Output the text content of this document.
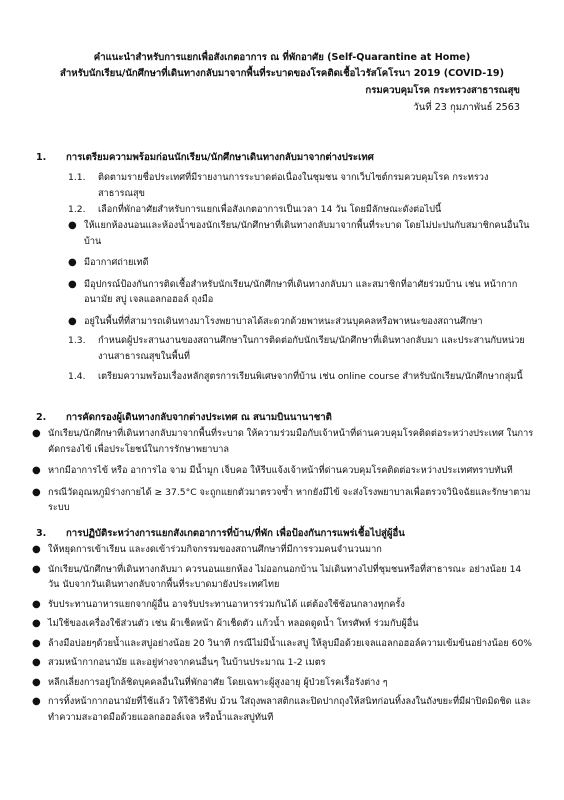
คำแนะนำสำหรับการแยกเพื่อสังเกตอาการ ณ ที่พักอาศัย (Self-Quarantine at Home)

สำหรับนักเรียน/นักศึกษาที่เดินทางกลับมาจากพื้นที่ระบาดของโรคติดเชื้อไวรัสโคโรนา 2019 (COVID-19)

กรมควบคุมโรค กระทรวงสาธารณสุข

วันที่ 23 กุมภาพันธ์ 2563

1.	การเตรียมความพร้อมก่อนนักเรียน/นักศึกษาเดินทางกลับมาจากต่างประเทศ

1.1.	ติดตามรายชื่อประเทศที่มีรายงานการระบาดต่อเนื่องในชุมชน จากเว็บไซต์กรมควบคุมโรค กระทรวงสาธารณสุข

1.2.	เลือกที่พักอาศัยสำหรับการแยกเพื่อสังเกตอาการเป็นเวลา 14 วัน โดยมีลักษณะดังต่อไปนี้

● ให้แยกห้องนอนและห้องน้ำของนักเรียน/นักศึกษาที่เดินทางกลับมาจากพื้นที่ระบาด โดยไม่ปะปนกับสมาชิกคนอื่นในบ้าน
● มีอากาศถ่ายเทดี
● มีอุปกรณ์ป้องกันการติดเชื้อสำหรับนักเรียน/นักศึกษาที่เดินทางกลับมา และสมาชิกที่อาศัยร่วมบ้าน เช่น หน้ากากอนามัย สบู่ เจลแอลกอฮอล์ ถุงมือ
● อยู่ในพื้นที่ที่สามารถเดินทางมาโรงพยาบาลได้สะดวกด้วยพาหนะส่วนบุคคลหรือพาหนะของสถานศึกษา

1.3.	กำหนดผู้ประสานงานของสถานศึกษาในการติดต่อกับนักเรียน/นักศึกษาที่เดินทางกลับมา และประสานกับหน่วยงานสาธารณสุขในพื้นที่

1.4.	เตรียมความพร้อมเรื่องหลักสูตรการเรียนพิเศษจากที่บ้าน เช่น online course สำหรับนักเรียน/นักศึกษากลุ่มนี้

2.	การคัดกรองผู้เดินทางกลับจากต่างประเทศ ณ สนามบินนานาชาติ

● นักเรียน/นักศึกษาที่เดินทางกลับมาจากพื้นที่ระบาด ให้ความร่วมมือกับเจ้าหน้าที่ด่านควบคุมโรคติดต่อระหว่างประเทศ ในการคัดกรองไข้ เพื่อประโยชน์ในการรักษาพยาบาล
● หากมีอาการไข้ หรือ อาการไอ จาม มีน้ำมูก เจ็บคอ ให้รีบแจ้งเจ้าหน้าที่ด่านควบคุมโรคติดต่อระหว่างประเทศทราบทันที
● กรณีวัดอุณหภูมิร่างกายได้ ≥ 37.5°C จะถูกแยกตัวมาตรวจซ้ำ หากยังมีไข้ จะส่งโรงพยาบาลเพื่อตรวจวินิจฉัยและรักษาตามระบบ

3.	การปฏิบัติระหว่างการแยกสังเกตอาการที่บ้าน/ที่พัก เพื่อป้องกันการแพร่เชื้อไปสู่ผู้อื่น

● ให้หยุดการเข้าเรียน และงดเข้าร่วมกิจกรรมของสถานศึกษาที่มีการรวมคนจำนวนมาก
● นักเรียน/นักศึกษาที่เดินทางกลับมา ควรนอนแยกห้อง ไม่ออกนอกบ้าน ไม่เดินทางไปที่ชุมชนหรือที่สาธารณะ อย่างน้อย 14 วัน นับจากวันเดินทางกลับจากพื้นที่ระบาดมายังประเทศไทย
● รับประทานอาหารแยกจากผู้อื่น อาจรับประทานอาหารร่วมกันได้ แต่ต้องใช้ช้อนกลางทุกครั้ง
● ไม่ใช้ของเครื่องใช้ส่วนตัว เช่น ผ้าเช็ดหน้า ผ้าเช็ดตัว แก้วน้ำ หลอดดูดน้ำ โทรศัพท์ ร่วมกับผู้อื่น
● ล้างมือบ่อยๆด้วยน้ำและสบู่อย่างน้อย 20 วินาที กรณีไม่มีน้ำและสบู่ ให้ลูบมือด้วยเจลแอลกอฮอล์ความเข้มข้นอย่างน้อย 60%
● สวมหน้ากากอนามัย และอยู่ห่างจากคนอื่นๆ ในบ้านประมาณ 1-2 เมตร
● หลีกเลี่ยงการอยู่ใกล้ชิดบุคคลอื่นในที่พักอาศัย โดยเฉพาะผู้สูงอายุ ผู้ป่วยโรคเรื้อรังต่าง ๆ
● การทิ้งหน้ากากอนามัยที่ใช้แล้ว ให้ใช้วิธีพับ ม้วน ใส่ถุงพลาสติกและปิดปากถุงให้สนิทก่อนทิ้งลงในถังขยะที่มีฝาปิดมิดชิด และทำความสะอาดมือด้วยแอลกอฮอล์เจล หรือน้ำและสบู่ทันที
